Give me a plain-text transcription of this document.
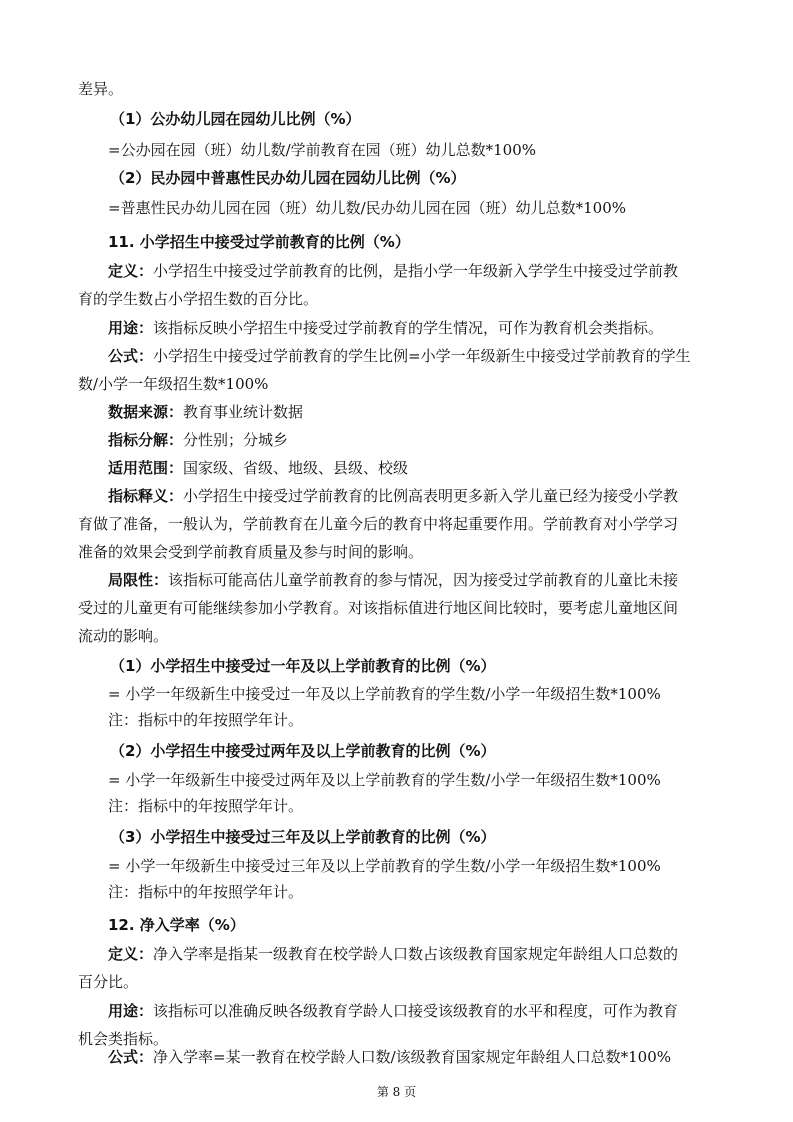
差异。
（1）公办幼儿园在园幼儿比例（%）
=公办园在园（班）幼儿数/学前教育在园（班）幼儿总数*100%
（2）民办园中普惠性民办幼儿园在园幼儿比例（%）
=普惠性民办幼儿园在园（班）幼儿数/民办幼儿园在园（班）幼儿总数*100%
11. 小学招生中接受过学前教育的比例（%）
定义：小学招生中接受过学前教育的比例，是指小学一年级新入学学生中接受过学前教
育的学生数占小学招生数的百分比。
用途：该指标反映小学招生中接受过学前教育的学生情况，可作为教育机会类指标。
公式：小学招生中接受过学前教育的学生比例=小学一年级新生中接受过学前教育的学生
数/小学一年级招生数*100%
数据来源：教育事业统计数据
指标分解：分性别；分城乡
适用范围：国家级、省级、地级、县级、校级
指标释义：小学招生中接受过学前教育的比例高表明更多新入学儿童已经为接受小学教
育做了准备，一般认为，学前教育在儿童今后的教育中将起重要作用。学前教育对小学学习
准备的效果会受到学前教育质量及参与时间的影响。
局限性：该指标可能高估儿童学前教育的参与情况，因为接受过学前教育的儿童比未接
受过的儿童更有可能继续参加小学教育。对该指标值进行地区间比较时，要考虑儿童地区间
流动的影响。
（1）小学招生中接受过一年及以上学前教育的比例（%）
= 小学一年级新生中接受过一年及以上学前教育的学生数/小学一年级招生数*100%
注：指标中的年按照学年计。
（2）小学招生中接受过两年及以上学前教育的比例（%）
= 小学一年级新生中接受过两年及以上学前教育的学生数/小学一年级招生数*100%
注：指标中的年按照学年计。
（3）小学招生中接受过三年及以上学前教育的比例（%）
= 小学一年级新生中接受过三年及以上学前教育的学生数/小学一年级招生数*100%
注：指标中的年按照学年计。
12. 净入学率（%）
定义：净入学率是指某一级教育在校学龄人口数占该级教育国家规定年龄组人口总数的
百分比。
用途：该指标可以准确反映各级教育学龄人口接受该级教育的水平和程度，可作为教育
机会类指标。
公式：净入学率=某一教育在校学龄人口数/该级教育国家规定年龄组人口总数*100%
第 8 页
